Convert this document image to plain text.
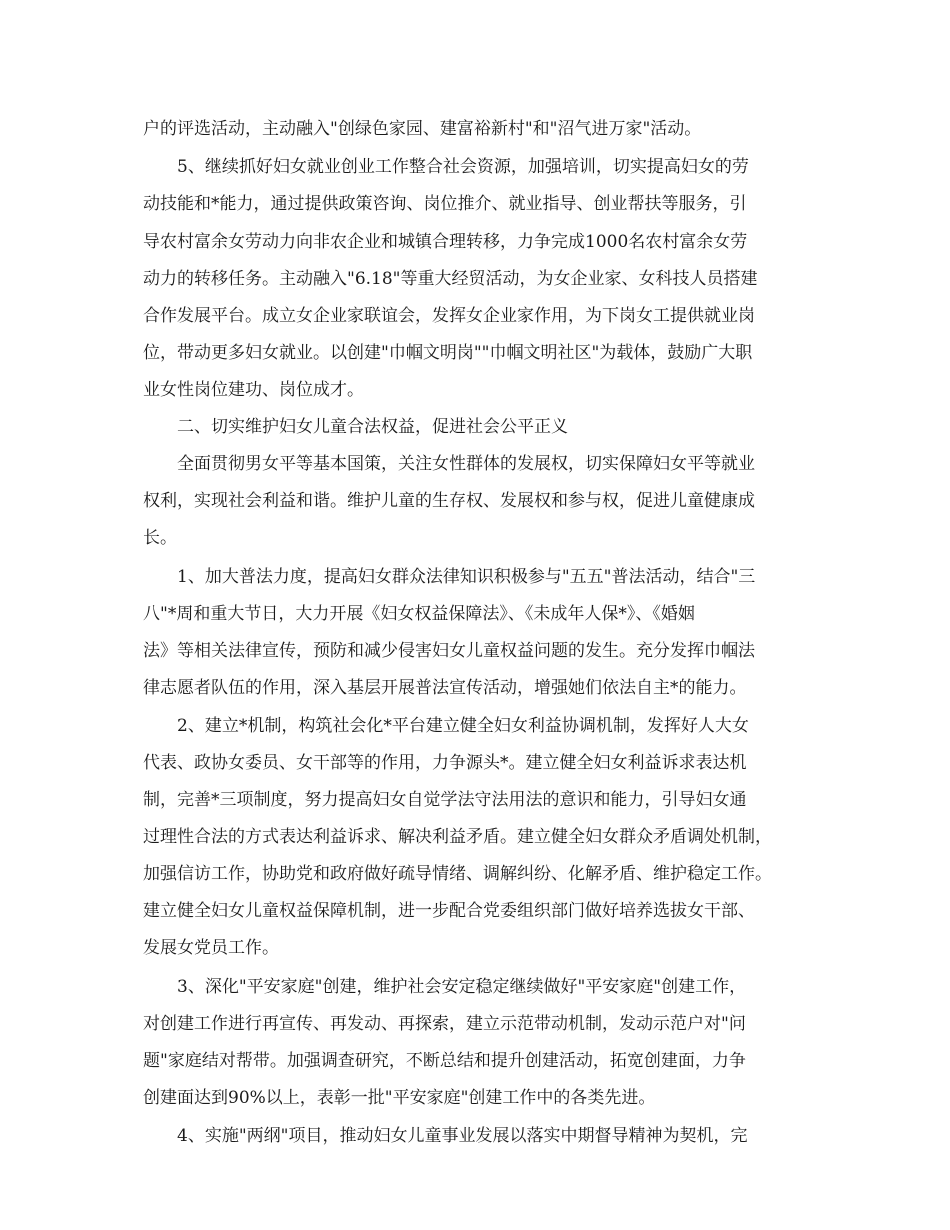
户的评选活动，主动融入"创绿色家园、建富裕新村"和"沼气进万家"活动。
5、继续抓好妇女就业创业工作整合社会资源，加强培训，切实提高妇女的劳
动技能和*能力，通过提供政策咨询、岗位推介、就业指导、创业帮扶等服务，引
导农村富余女劳动力向非农企业和城镇合理转移，力争完成1000名农村富余女劳
动力的转移任务。主动融入"6.18"等重大经贸活动，为女企业家、女科技人员搭建
合作发展平台。成立女企业家联谊会，发挥女企业家作用，为下岗女工提供就业岗
位，带动更多妇女就业。以创建"巾帼文明岗""巾帼文明社区"为载体，鼓励广大职
业女性岗位建功、岗位成才。
二、切实维护妇女儿童合法权益，促进社会公平正义
全面贯彻男女平等基本国策，关注女性群体的发展权，切实保障妇女平等就业
权利，实现社会利益和谐。维护儿童的生存权、发展权和参与权，促进儿童健康成
长。
1、加大普法力度，提高妇女群众法律知识积极参与"五五"普法活动，结合"三
八"*周和重大节日，大力开展《妇女权益保障法》、《未成年人保*》、《婚姻
法》等相关法律宣传，预防和减少侵害妇女儿童权益问题的发生。充分发挥巾帼法
律志愿者队伍的作用，深入基层开展普法宣传活动，增强她们依法自主*的能力。
2、建立*机制，构筑社会化*平台建立健全妇女利益协调机制，发挥好人大女
代表、政协女委员、女干部等的作用，力争源头*。建立健全妇女利益诉求表达机
制，完善*三项制度，努力提高妇女自觉学法守法用法的意识和能力，引导妇女通
过理性合法的方式表达利益诉求、解决利益矛盾。建立健全妇女群众矛盾调处机制，
加强信访工作，协助党和政府做好疏导情绪、调解纠纷、化解矛盾、维护稳定工作。
建立健全妇女儿童权益保障机制，进一步配合党委组织部门做好培养选拔女干部、
发展女党员工作。
3、深化"平安家庭"创建，维护社会安定稳定继续做好"平安家庭"创建工作，
对创建工作进行再宣传、再发动、再探索，建立示范带动机制，发动示范户对"问
题"家庭结对帮带。加强调查研究，不断总结和提升创建活动，拓宽创建面，力争
创建面达到90%以上，表彰一批"平安家庭"创建工作中的各类先进。
4、实施"两纲"项目，推动妇女儿童事业发展以落实中期督导精神为契机，完
